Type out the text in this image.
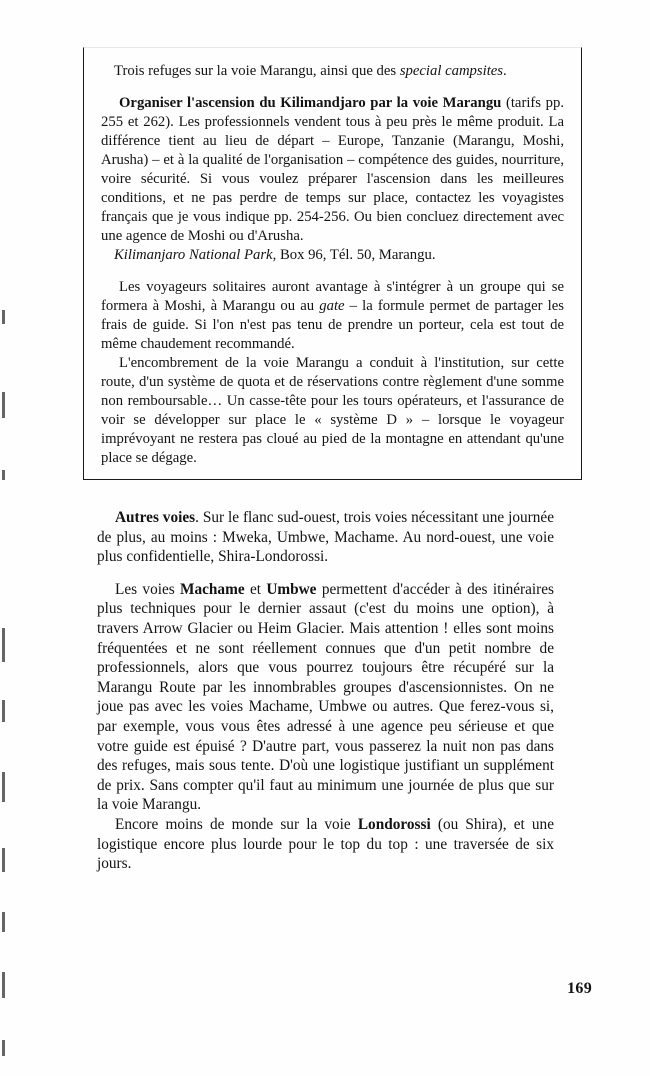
Trois refuges sur la voie Marangu, ainsi que des special campsites.

Organiser l'ascension du Kilimandjaro par la voie Marangu (tarifs pp. 255 et 262). Les professionnels vendent tous à peu près le même produit. La différence tient au lieu de départ – Europe, Tanzanie (Marangu, Moshi, Arusha) – et à la qualité de l'organisation – compétence des guides, nourriture, voire sécurité. Si vous voulez préparer l'ascension dans les meilleures conditions, et ne pas perdre de temps sur place, contactez les voyagistes français que je vous indique pp. 254-256. Ou bien concluez directement avec une agence de Moshi ou d'Arusha.

Kilimanjaro National Park, Box 96, Tél. 50, Marangu.

Les voyageurs solitaires auront avantage à s'intégrer à un groupe qui se formera à Moshi, à Marangu ou au gate – la formule permet de partager les frais de guide. Si l'on n'est pas tenu de prendre un porteur, cela est tout de même chaudement recommandé.

L'encombrement de la voie Marangu a conduit à l'institution, sur cette route, d'un système de quota et de réservations contre règlement d'une somme non remboursable… Un casse-tête pour les tours opérateurs, et l'assurance de voir se développer sur place le « système D » – lorsque le voyageur imprévoyant ne restera pas cloué au pied de la montagne en attendant qu'une place se dégage.

Autres voies. Sur le flanc sud-ouest, trois voies nécessitant une journée de plus, au moins : Mweka, Umbwe, Machame. Au nord-ouest, une voie plus confidentielle, Shira-Londorossi.

Les voies Machame et Umbwe permettent d'accéder à des itinéraires plus techniques pour le dernier assaut (c'est du moins une option), à travers Arrow Glacier ou Heim Glacier. Mais attention ! elles sont moins fréquentées et ne sont réellement connues que d'un petit nombre de professionnels, alors que vous pourrez toujours être récupéré sur la Marangu Route par les innombrables groupes d'ascensionnistes. On ne joue pas avec les voies Machame, Umbwe ou autres. Que ferez-vous si, par exemple, vous vous êtes adressé à une agence peu sérieuse et que votre guide est épuisé ? D'autre part, vous passerez la nuit non pas dans des refuges, mais sous tente. D'où une logistique justifiant un supplément de prix. Sans compter qu'il faut au minimum une journée de plus que sur la voie Marangu.

Encore moins de monde sur la voie Londorossi (ou Shira), et une logistique encore plus lourde pour le top du top : une traversée de six jours.

169
